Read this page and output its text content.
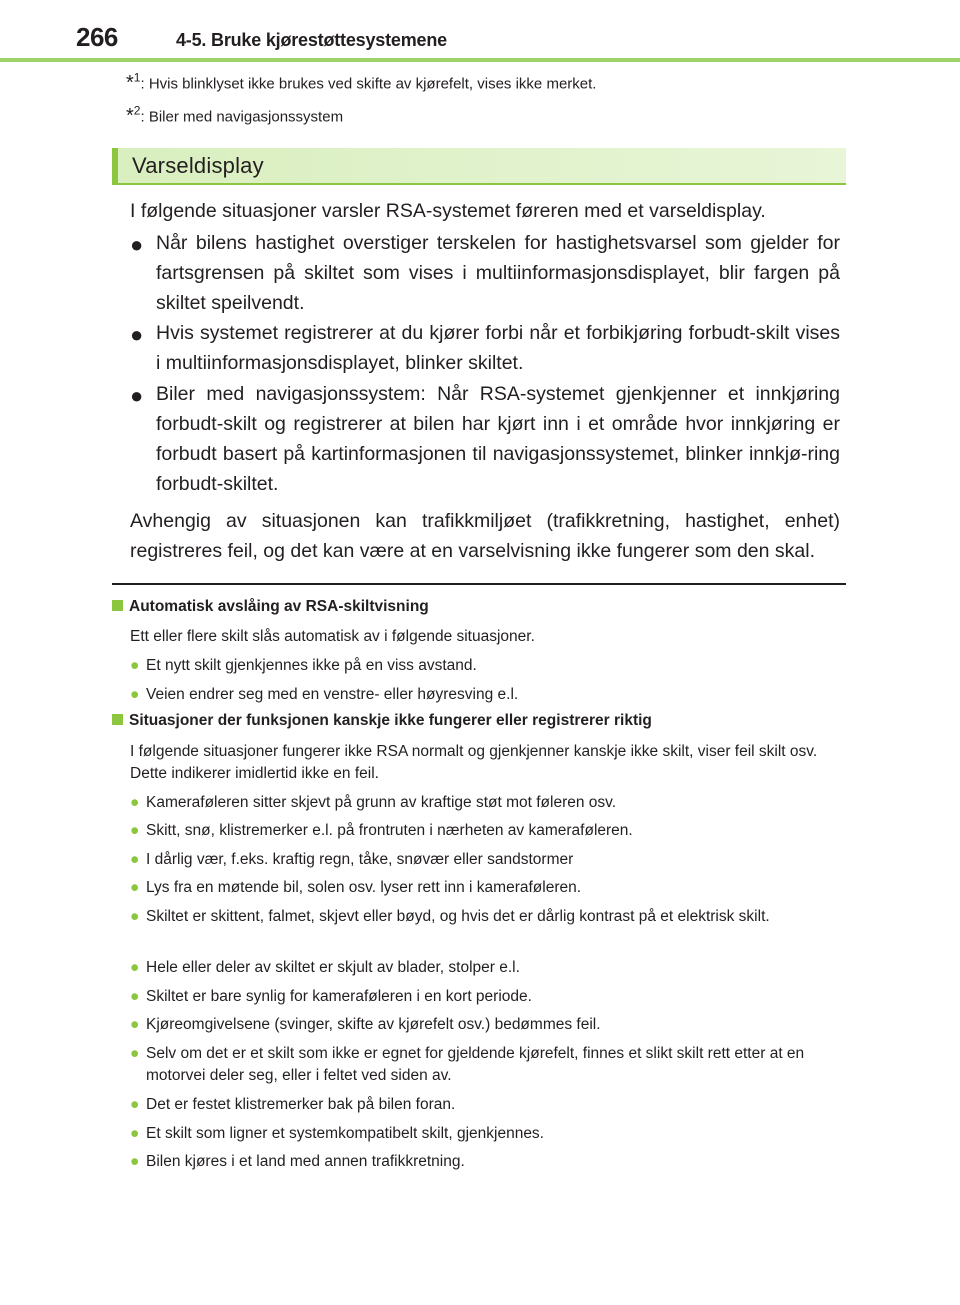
266	4-5. Bruke kjørestøttesystemene
*$^1$: Hvis blinklyset ikke brukes ved skifte av kjørefelt, vises ikke merket.
*$^2$: Biler med navigasjonssystem
Varseldisplay

I følgende situasjoner varsler RSA-systemet føreren med et varseldisplay.

● Når bilens hastighet overstiger terskelen for hastighetsvarsel som gjelder for fartsgrensen på skiltet som vises i multiinformasjonsdisplayet, blir fargen på skiltet speilvendt.
● Hvis systemet registrerer at du kjører forbi når et forbikjøring forbudt-skilt vises i multiinformasjonsdisplayet, blinker skiltet.
● Biler med navigasjonssystem: Når RSA-systemet gjenkjenner et innkjøring forbudt-skilt og registrerer at bilen har kjørt inn i et område hvor innkjøring er forbudt basert på kartinformasjonen til navigasjonssystemet, blinker innkjø-ring forbudt-skiltet.

Avhengig av situasjonen kan trafikkmiljøet (trafikkretning, hastighet, enhet) registreres feil, og det kan være at en varselvisning ikke fungerer som den skal.

Automatisk avslåing av RSA-skiltvisning
Ett eller flere skilt slås automatisk av i følgende situasjoner.
● Et nytt skilt gjenkjennes ikke på en viss avstand.
● Veien endrer seg med en venstre- eller høyresving e.l.
Situasjoner der funksjonen kanskje ikke fungerer eller registrerer riktig
I følgende situasjoner fungerer ikke RSA normalt og gjenkjenner kanskje ikke skilt, viser feil skilt osv. Dette indikerer imidlertid ikke en feil.
● Kameraføleren sitter skjevt på grunn av kraftige støt mot føleren osv.
● Skitt, snø, klistremerker e.l. på frontruten i nærheten av kameraføleren.
● I dårlig vær, f.eks. kraftig regn, tåke, snøvær eller sandstormer
● Lys fra en møtende bil, solen osv. lyser rett inn i kameraføleren.
● Skiltet er skittent, falmet, skjevt eller bøyd, og hvis det er dårlig kontrast på et elektrisk skilt.
● Hele eller deler av skiltet er skjult av blader, stolper e.l.
● Skiltet er bare synlig for kameraføleren i en kort periode.
● Kjøreomgivelsene (svinger, skifte av kjørefelt osv.) bedømmes feil.
● Selv om det er et skilt som ikke er egnet for gjeldende kjørefelt, finnes et slikt skilt rett etter at en motorvei deler seg, eller i feltet ved siden av.
● Det er festet klistremerker bak på bilen foran.
● Et skilt som ligner et systemkompatibelt skilt, gjenkjennes.
● Bilen kjøres i et land med annen trafikkretning.
